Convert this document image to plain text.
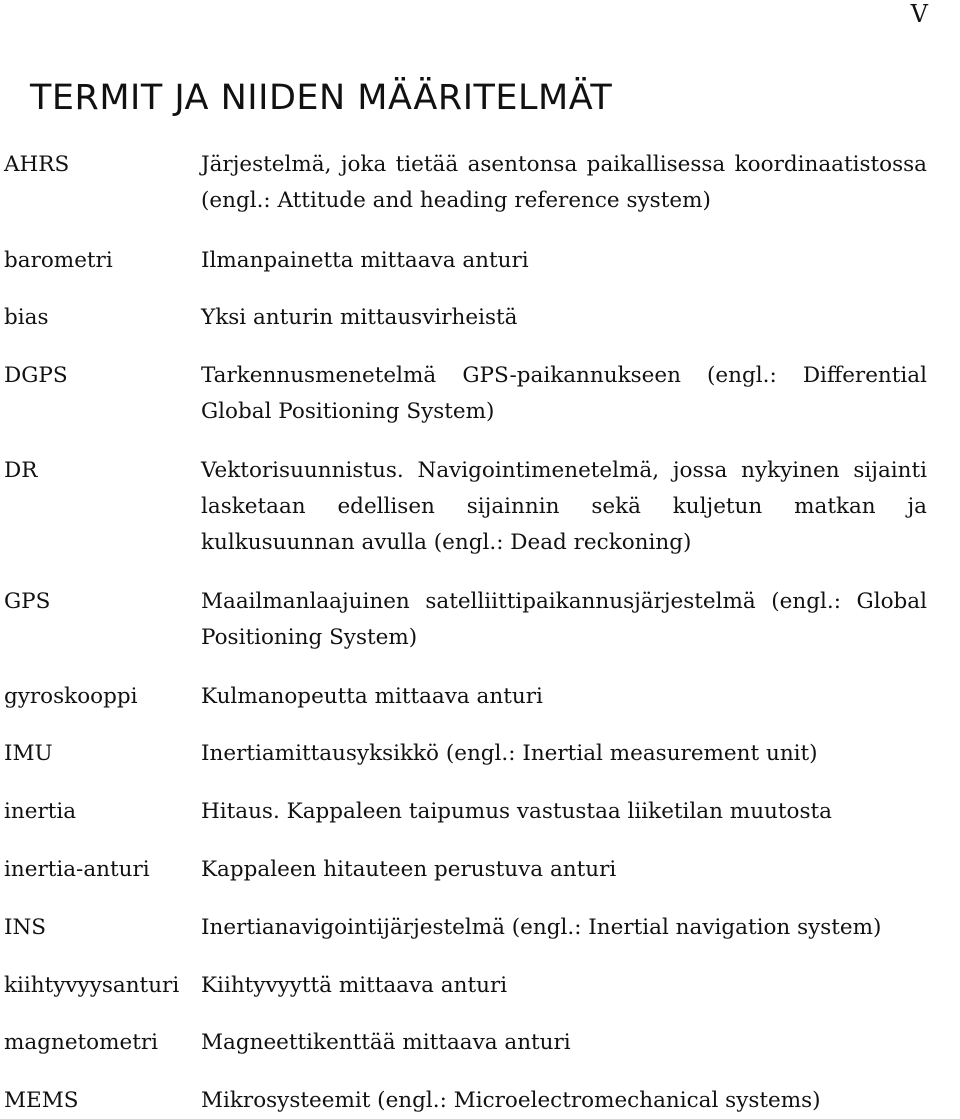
V
TERMIT JA NIIDEN MÄÄRITELMÄT
AHRS	Järjestelmä, joka tietää asentonsa paikallisessa koordinaatistossa (engl.: Attitude and heading reference system)
barometri	Ilmanpainetta mittaava anturi
bias	Yksi anturin mittausvirheistä
DGPS	Tarkennusmenetelmä GPS-paikannukseen (engl.: Differential Global Positioning System)
DR	Vektorisuunnistus. Navigointimenetelmä, jossa nykyinen sijainti lasketaan edellisen sijainnin sekä kuljetun matkan ja kulkusuunnan avulla (engl.: Dead reckoning)
GPS	Maailmanlaajuinen satelliittipaikannusjärjestelmä (engl.: Global Positioning System)
gyroskooppi	Kulmanopeutta mittaava anturi
IMU	Inertiamittausyksikkö (engl.: Inertial measurement unit)
inertia	Hitaus. Kappaleen taipumus vastustaa liiketilan muutosta
inertia-anturi Kappaleen hitauteen perustuva anturi
INS	Inertianavigointijärjestelmä (engl.: Inertial navigation system)
kiihtyvyysanturi Kiihtyvyyttä mittaava anturi
magnetometri Magneettikenttää mittaava anturi
MEMS	Mikrosysteemit (engl.: Microelectromechanical systems)
